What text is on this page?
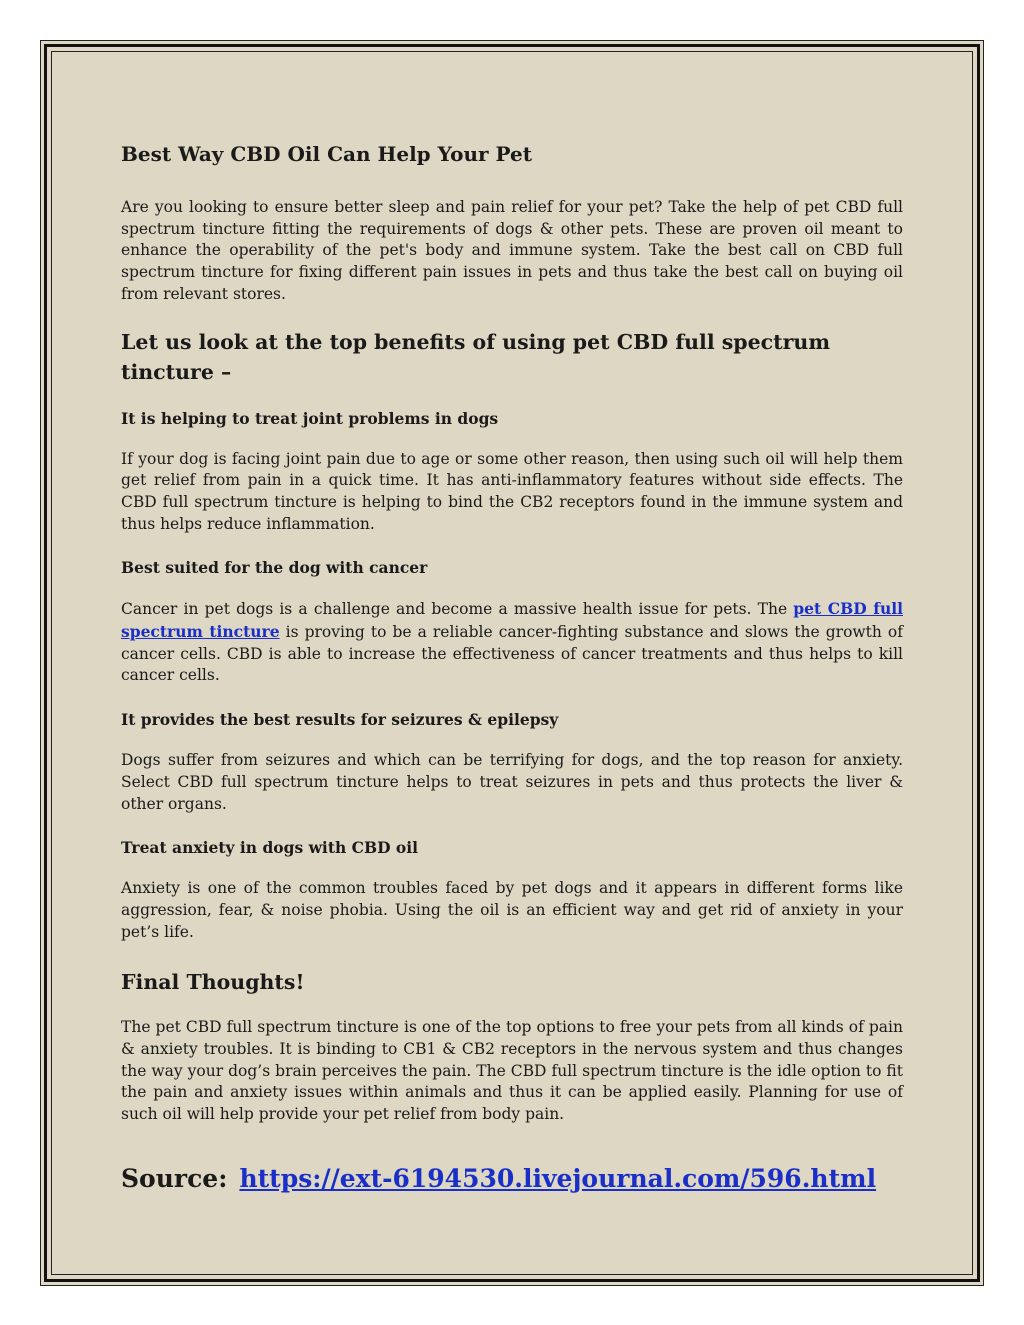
Best Way CBD Oil Can Help Your Pet

Are you looking to ensure better sleep and pain relief for your pet? Take the help of pet CBD full spectrum tincture fitting the requirements of dogs & other pets. These are proven oil meant to enhance the operability of the pet's body and immune system. Take the best call on CBD full spectrum tincture for fixing different pain issues in pets and thus take the best call on buying oil from relevant stores.

Let us look at the top benefits of using pet CBD full spectrum tincture –
It is helping to treat joint problems in dogs

If your dog is facing joint pain due to age or some other reason, then using such oil will help them get relief from pain in a quick time. It has anti-inflammatory features without side effects. The CBD full spectrum tincture is helping to bind the CB2 receptors found in the immune system and thus helps reduce inflammation.

Best suited for the dog with cancer

Cancer in pet dogs is a challenge and become a massive health issue for pets. The pet CBD full spectrum tincture is proving to be a reliable cancer-fighting substance and slows the growth of cancer cells. CBD is able to increase the effectiveness of cancer treatments and thus helps to kill cancer cells.

It provides the best results for seizures & epilepsy

Dogs suffer from seizures and which can be terrifying for dogs, and the top reason for anxiety. Select CBD full spectrum tincture helps to treat seizures in pets and thus protects the liver & other organs.

Treat anxiety in dogs with CBD oil

Anxiety is one of the common troubles faced by pet dogs and it appears in different forms like aggression, fear, & noise phobia. Using the oil is an efficient way and get rid of anxiety in your pet’s life.

Final Thoughts!

The pet CBD full spectrum tincture is one of the top options to free your pets from all kinds of pain & anxiety troubles. It is binding to CB1 & CB2 receptors in the nervous system and thus changes the way your dog’s brain perceives the pain. The CBD full spectrum tincture is the idle option to fit the pain and anxiety issues within animals and thus it can be applied easily. Planning for use of such oil will help provide your pet relief from body pain.

Source: https://ext-6194530.livejournal.com/596.html
